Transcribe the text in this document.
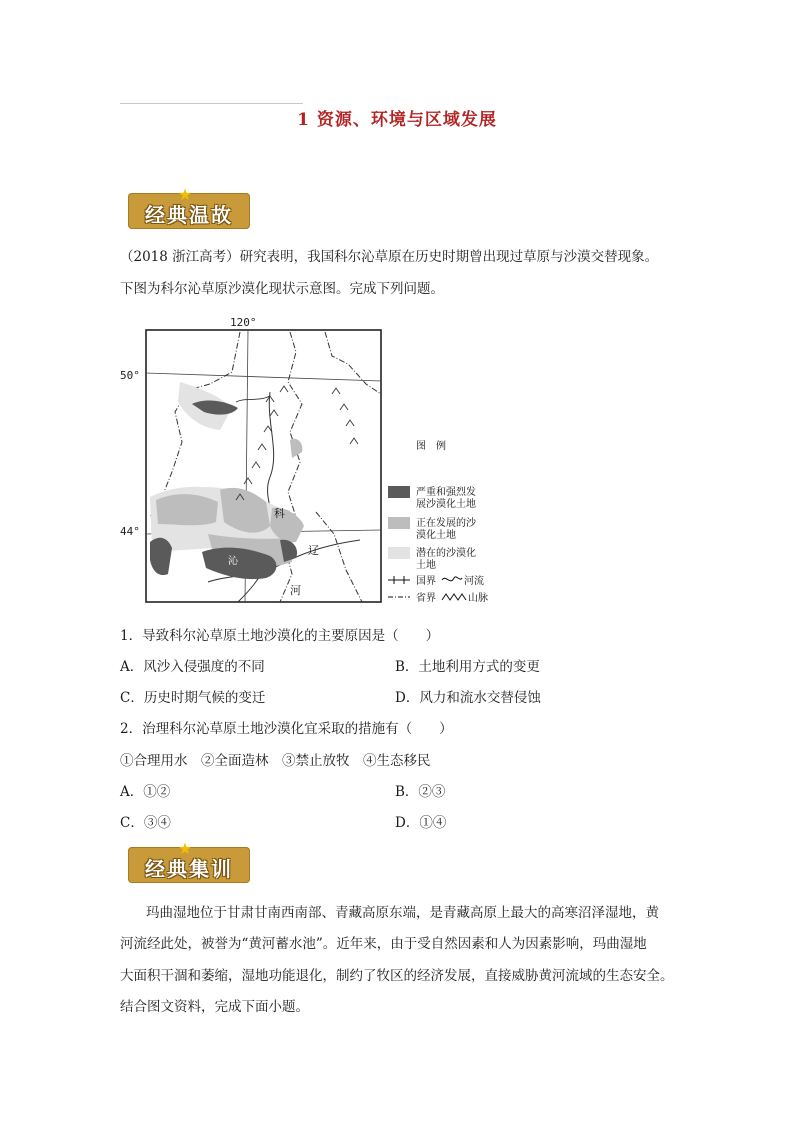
1 资源、环境与区域发展
★
经典温故
（2018 浙江高考）研究表明，我国科尔沁草原在历史时期曾出现过草原与沙漠交替现象。
下图为科尔沁草原沙漠化现状示意图。完成下列问题。
120°
50°
44°
科
沁
辽
河
图　例
严重和强烈发
展沙漠化土地
正在发展的沙
漠化土地
潜在的沙漠化
土地
国界	河流
省界	山脉
1．导致科尔沁草原土地沙漠化的主要原因是（　　）
A．风沙入侵强度的不同	B．土地利用方式的变更
C．历史时期气候的变迁	D．风力和流水交替侵蚀
2．治理科尔沁草原土地沙漠化宜采取的措施有（　　）
①合理用水　②全面造林　③禁止放牧　④生态移民
A．①②	B．②③
C．③④	D．①④
★
经典集训
玛曲湿地位于甘肃甘南西南部、青藏高原东端，是青藏高原上最大的高寒沼泽湿地，黄
河流经此处，被誉为“黄河蓄水池”。近年来，由于受自然因素和人为因素影响，玛曲湿地
大面积干涸和萎缩，湿地功能退化，制约了牧区的经济发展，直接威胁黄河流域的生态安全。
结合图文资料，完成下面小题。
